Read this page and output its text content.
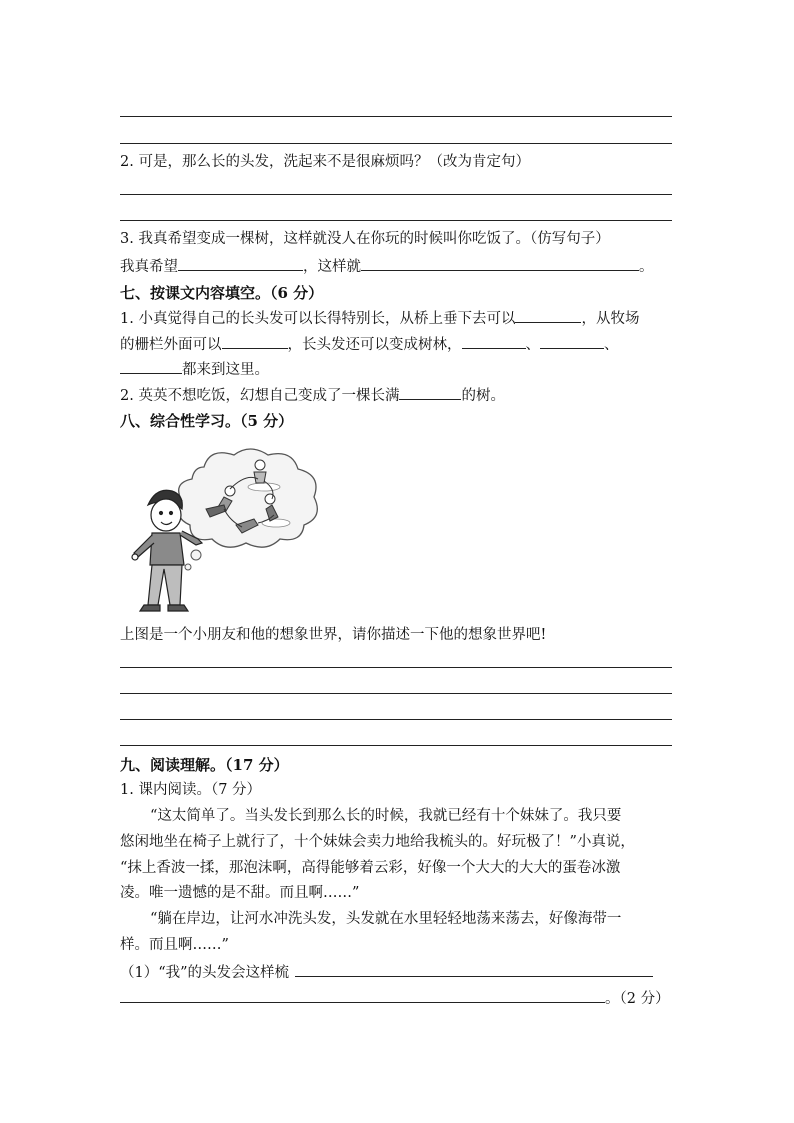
2. 可是，那么长的头发，洗起来不是很麻烦吗？（改为肯定句）
3. 我真希望变成一棵树，这样就没人在你玩的时候叫你吃饭了。（仿写句子）
我真希望	，这样就	。
七、按课文内容填空。（6 分）
1. 小真觉得自己的长头发可以长得特别长，从桥上垂下去可以	，从牧场
的栅栏外面可以	，长头发还可以变成树林，	、	、
都来到这里。
2. 英英不想吃饭，幻想自己变成了一棵长满	的树。
八、综合性学习。（5 分）
上图是一个小朋友和他的想象世界，请你描述一下他的想象世界吧!
九、阅读理解。（17 分）
1. 课内阅读。（7 分）
“这太简单了。当头发长到那么长的时候，我就已经有十个妹妹了。我只要
悠闲地坐在椅子上就行了，十个妹妹会卖力地给我梳头的。好玩极了！”小真说，
“抹上香波一揉，那泡沫啊，高得能够着云彩，好像一个大大的大大的蛋卷冰激
凌。唯一遗憾的是不甜。而且啊……”
“躺在岸边，让河水冲洗头发，头发就在水里轻轻地荡来荡去，好像海带一
样。而且啊……”
（1）“我”的头发会这样梳
。（2 分）
